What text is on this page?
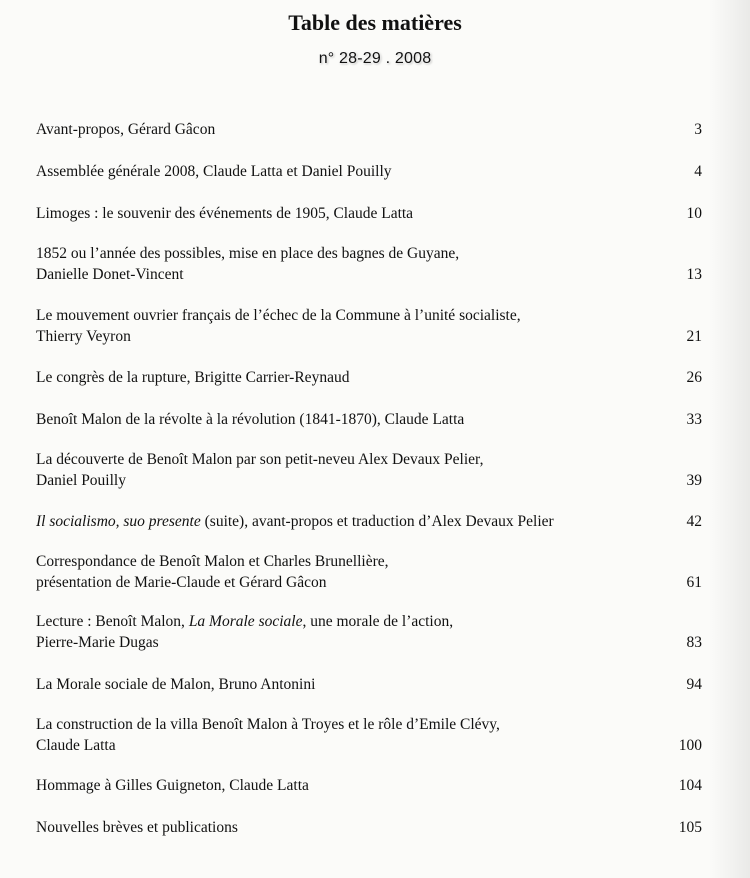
Table des matières
n° 28-29 . 2008
Avant-propos, Gérard Gâcon	3
Assemblée générale 2008, Claude Latta et Daniel Pouilly	4
Limoges : le souvenir des événements de 1905, Claude Latta	10
1852 ou l’année des possibles, mise en place des bagnes de Guyane,
Danielle Donet-Vincent	13
Le mouvement ouvrier français de l’échec de la Commune à l’unité socialiste,
Thierry Veyron	21
Le congrès de la rupture, Brigitte Carrier-Reynaud	26
Benoît Malon de la révolte à la révolution (1841-1870), Claude Latta	33
La découverte de Benoît Malon par son petit-neveu Alex Devaux Pelier,
Daniel Pouilly	39
Il socialismo, suo presente (suite), avant-propos et traduction d’Alex Devaux Pelier	42
Correspondance de Benoît Malon et Charles Brunellière,
présentation de Marie-Claude et Gérard Gâcon	61
Lecture : Benoît Malon, La Morale sociale, une morale de l’action,
Pierre-Marie Dugas	83
La Morale sociale de Malon, Bruno Antonini	94
La construction de la villa Benoît Malon à Troyes et le rôle d’Emile Clévy,
Claude Latta	100
Hommage à Gilles Guigneton, Claude Latta	104
Nouvelles brèves et publications	105
